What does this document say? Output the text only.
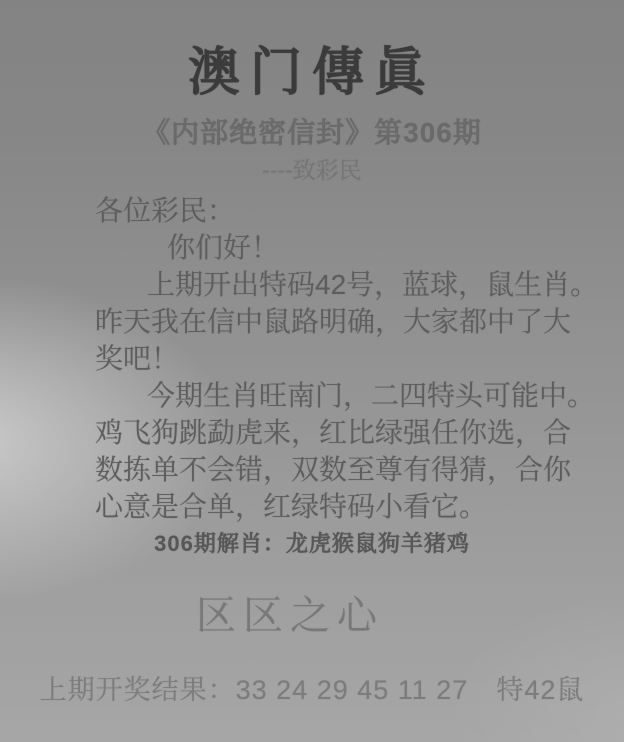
澳门傳眞
《内部绝密信封》第306期
----致彩民
各位彩民：
你们好！
上期开出特码42号，蓝球，鼠生肖。
昨天我在信中鼠路明确，大家都中了大
奖吧！
今期生肖旺南门，二四特头可能中。
鸡飞狗跳勐虎来，红比绿强任你选，合
数拣单不会错，双数至尊有得猜，合你
心意是合单，红绿特码小看它。
306期解肖：龙虎猴鼠狗羊猪鸡
区区之心
上期开奖结果：33 24 29 45 11 27　特42鼠
